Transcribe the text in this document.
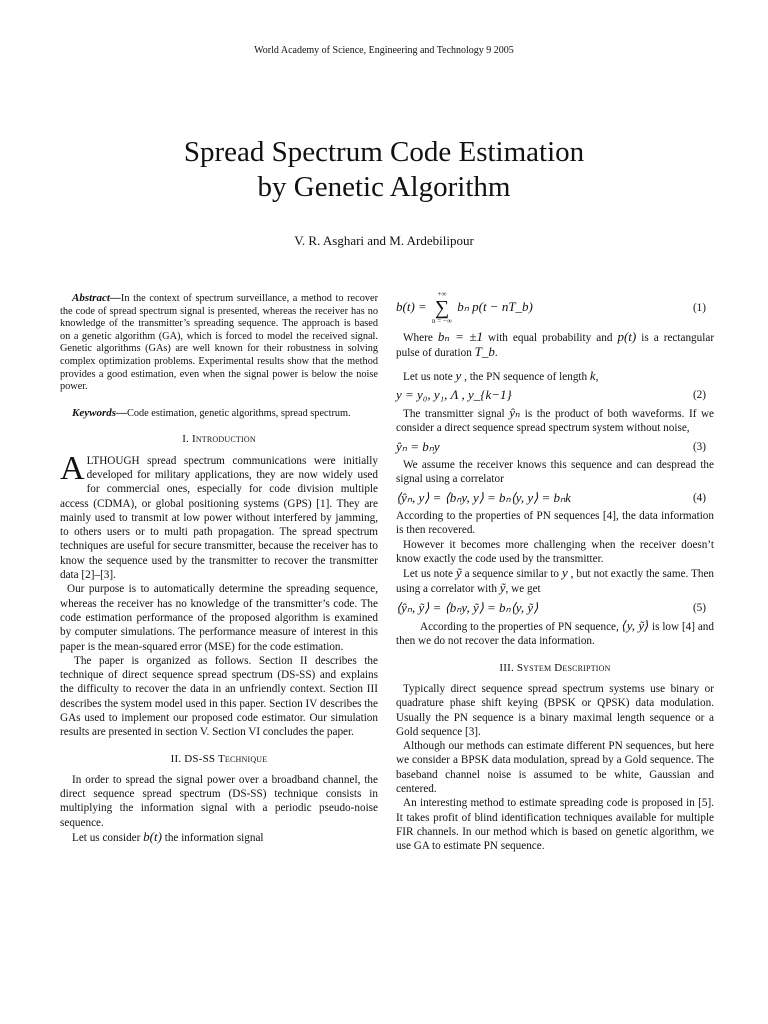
World Academy of Science, Engineering and Technology 9 2005
Spread Spectrum Code Estimation
by Genetic Algorithm
V. R. Asghari and M. Ardebilipour

Abstract—In the context of spectrum surveillance, a method to recover the code of spread spectrum signal is presented, whereas the receiver has no knowledge of the transmitter’s spreading sequence. The approach is based on a genetic algorithm (GA), which is forced to model the received signal. Genetic algorithms (GAs) are well known for their robustness in solving complex optimization problems. Experimental results show that the method provides a good estimation, even when the signal power is below the noise power.

Keywords—Code estimation, genetic algorithms, spread spectrum.

I. Introduction

ALTHOUGH spread spectrum communications were initially developed for military applications, they are now widely used for commercial ones, especially for code division multiple access (CDMA), or global positioning systems (GPS) [1]. They are mainly used to transmit at low power without interfered by jamming, to others users or to multi path propagation. The spread spectrum techniques are useful for secure transmitter, because the receiver has to know the sequence used by the transmitter to recover the transmitter data [2]–[3].

Our purpose is to automatically determine the spreading sequence, whereas the receiver has no knowledge of the transmitter’s code. The code estimation performance of the proposed algorithm is examined by computer simulations. The performance measure of interest in this paper is the mean-squared error (MSE) for the code estimation.

The paper is organized as follows. Section II describes the technique of direct sequence spread spectrum (DS-SS) and explains the difficulty to recover the data in an unfriendly context. Section III describes the system model used in this paper. Section IV describes the GAs used to implement our proposed code estimator. Our simulation results are presented in section V. Section VI concludes the paper.

II. DS-SS Technique

In order to spread the signal power over a broadband channel, the direct sequence spread spectrum (DS-SS) technique consists in multiplying the information signal with a periodic pseudo-noise sequence.

Let us consider b(t) the information signal

b(t) =
+∞
∑
n = −∞
bₙ p(t − nT_b)	(1)

Where bₙ = ±1 with equal probability and p(t) is a rectangular pulse of duration T_b.

Let us note y , the PN sequence of length k,

y = y₀, y₁, Λ , y_{k−1}	(2)

The transmitter signal ŷₙ is the product of both waveforms. If we consider a direct sequence spread spectrum system without noise,

ŷₙ = bₙy	(3)

We assume the receiver knows this sequence and can despread the signal using a correlator

⟨ŷₙ, y⟩ = ⟨bₙy, y⟩ = bₙ⟨y, y⟩ = bₙk	(4)

According to the properties of PN sequences [4], the data information is then recovered.

However it becomes more challenging when the receiver doesn’t know exactly the code used by the transmitter.

Let us note ỹ a sequence similar to y , but not exactly the same. Then using a correlator with ỹ, we get

⟨ŷₙ, ỹ⟩ = ⟨bₙy, ỹ⟩ = bₙ⟨y, ỹ⟩	(5)

According to the properties of PN sequence, ⟨y, ỹ⟩ is low [4] and then we do not recover the data information.

III. System Description

Typically direct sequence spread spectrum systems use binary or quadrature phase shift keying (BPSK or QPSK) data modulation. Usually the PN sequence is a binary maximal length sequence or a Gold sequence [3].

Although our methods can estimate different PN sequences, but here we consider a BPSK data modulation, spread by a Gold sequence. The baseband channel noise is assumed to be white, Gaussian and centered.

An interesting method to estimate spreading code is proposed in [5]. It takes profit of blind identification techniques available for multiple FIR channels. In our method which is based on genetic algorithm, we use GA to estimate PN sequence.
